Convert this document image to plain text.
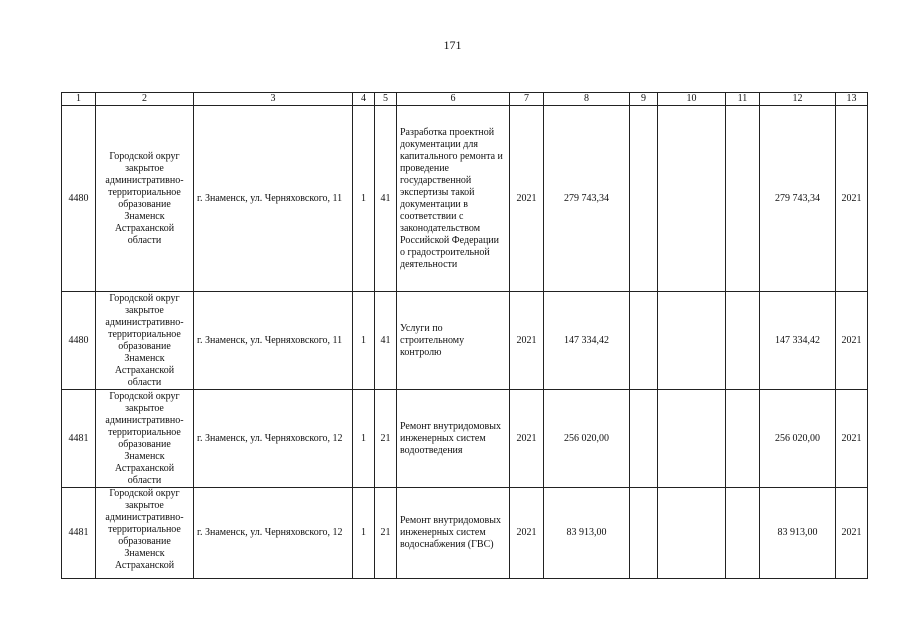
171
1	2	3	4	5	6	7	8	9	10	11	12	13
4480	Городской округ закрытое административно-территориальное образование Знаменск Астраханской области	г. Знаменск, ул. Черняховского, 11	1	41	Разработка проектной документации для капитального ремонта и проведение государственной экспертизы такой документации в соответствии с законодательством Российской Федерации о градостроительной деятельности	2021	279 743,34				279 743,34	2021
4480	Городской округ закрытое административно-территориальное образование Знаменск Астраханской области	г. Знаменск, ул. Черняховского, 11	1	41	Услуги по строительному контролю	2021	147 334,42				147 334,42	2021
4481	Городской округ закрытое административно-территориальное образование Знаменск Астраханской области	г. Знаменск, ул. Черняховского, 12	1	21	Ремонт внутридомовых инженерных систем водоотведения	2021	256 020,00				256 020,00	2021
4481	Городской округ закрытое административно-территориальное образование Знаменск Астраханской	г. Знаменск, ул. Черняховского, 12	1	21	Ремонт внутридомовых инженерных систем водоснабжения (ГВС)	2021	83 913,00				83 913,00	2021
